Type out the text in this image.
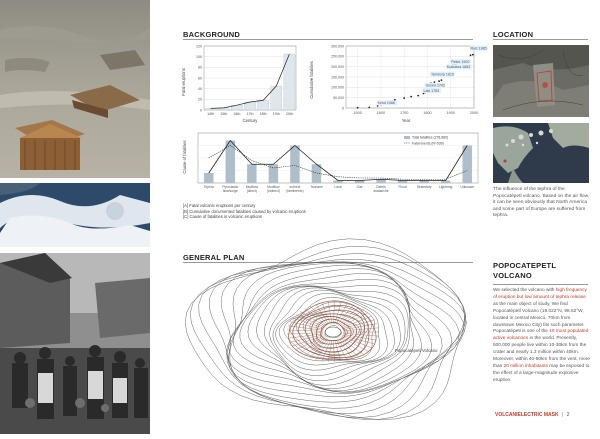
BACKGROUND
Fatal eruptions
0
20
40
60
80
100
120
14th 15th 16th 17th 18th 19th 20th
Century
Cumulative fatalities
0
50,000
100,000
150,000
200,000
250,000
300,000
1500	1600	1700	1800	1900	2000
Kelut 1586
Unzen 1792
Laki 1783
Tambora 1815
Krakatoa 1883
Pelee 1902
Ruiz 1985
Year
Cause of fatalities
Tephra	Pyroclastic
flow/surge
Mudflow
(direct)
Mudflow
(indirect)
Indirect
(famine/etc)
Tsunami	Lava	Gas	Debris
avalanche
Flood	Seismicity Lightning Unknown
Total fatalities (278,880)
Fatal events (N=530)
[A] Fatal volcanic eruptions per century
[B] Cumulative documented fatalities caused by volcanic eruptions
[C] Cause of fatalities in volcanic eruptions
LOCATION
The influence of the tephra of the Popocatépetl volcano. Based on the air flow, it can be seen obviously that North America and some part of Europe are suffered from tephra.
GENERAL PLAN
Popocatépetl Volcano
POPOCATEPETL
VOLCANO
We selected the volcano with high frequency of eruption but low amount of tephra release as the main object of study. We find Popocatépetl Volcano (19.022°N, 98.62°W, located in central Mexico, 70km from downtown Mexico City) fits such parameter. Popocatépetl is one of the 10 most populated active volcanoes in the world. Presently, 500,000 people live within 10-30km from the crater and nearly 1.3 million within 40km. Moreover, within 40-80km from the vent, more than 20 million inhabitants may be exposed to the effect of a large-magnitude explosive eruption.
VOLCANIELECTRIC MASK | 2
